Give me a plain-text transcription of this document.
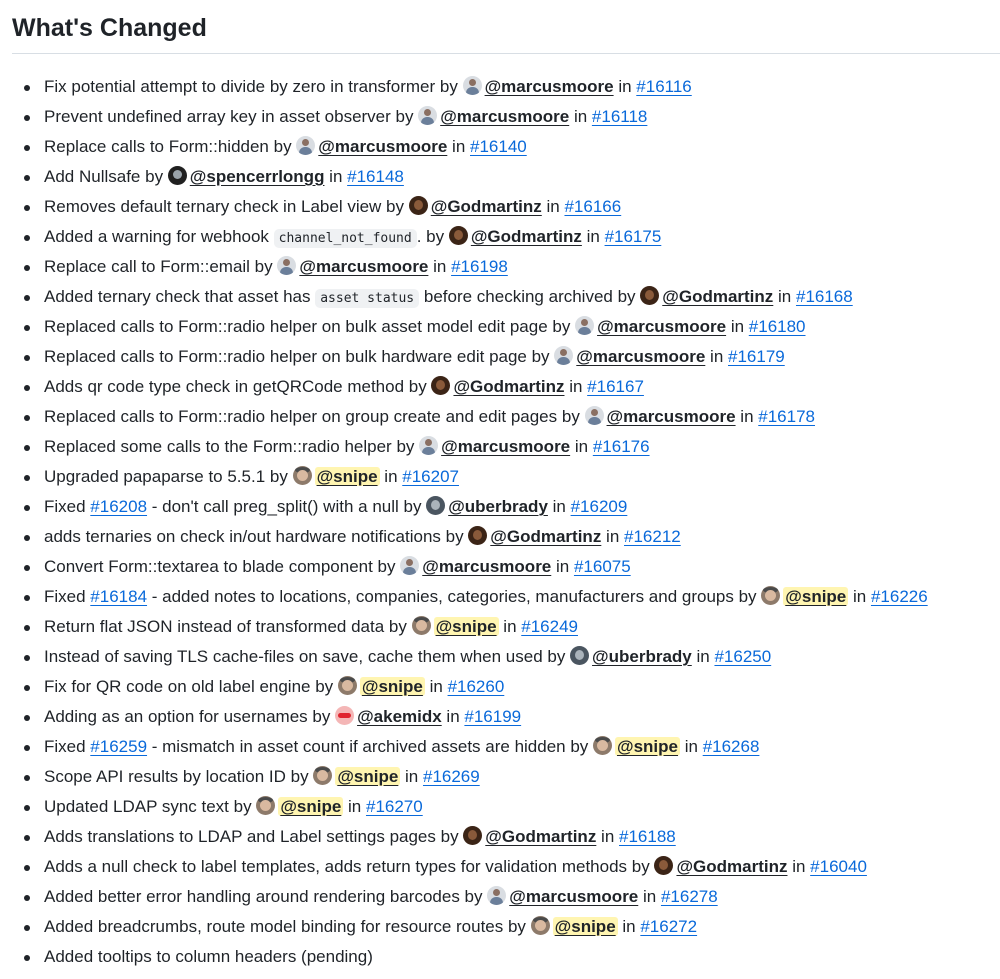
What's Changed
Fix potential attempt to divide by zero in transformer by @marcusmoore in #16116
Prevent undefined array key in asset observer by @marcusmoore in #16118
Replace calls to Form::hidden by @marcusmoore in #16140
Add Nullsafe by @spencerrlongg in #16148
Removes default ternary check in Label view by @Godmartinz in #16166
Added a warning for webhook channel_not_found . by @Godmartinz in #16175
Replace call to Form::email by @marcusmoore in #16198
Added ternary check that asset has asset status before checking archived by @Godmartinz in #16168
Replaced calls to Form::radio helper on bulk asset model edit page by @marcusmoore in #16180
Replaced calls to Form::radio helper on bulk hardware edit page by @marcusmoore in #16179
Adds qr code type check in getQRCode method by @Godmartinz in #16167
Replaced calls to Form::radio helper on group create and edit pages by @marcusmoore in #16178
Replaced some calls to the Form::radio helper by @marcusmoore in #16176
Upgraded papaparse to 5.5.1 by @snipe in #16207
Fixed #16208 - don't call preg_split() with a null by @uberbrady in #16209
adds ternaries on check in/out hardware notifications by @Godmartinz in #16212
Convert Form::textarea to blade component by @marcusmoore in #16075
Fixed #16184 - added notes to locations, companies, categories, manufacturers and groups by @snipe in #16226
Return flat JSON instead of transformed data by @snipe in #16249
Instead of saving TLS cache-files on save, cache them when used by @uberbrady in #16250
Fix for QR code on old label engine by @snipe in #16260
Adding as an option for usernames by @akemidx in #16199
Fixed #16259 - mismatch in asset count if archived assets are hidden by @snipe in #16268
Scope API results by location ID by @snipe in #16269
Updated LDAP sync text by @snipe in #16270
Adds translations to LDAP and Label settings pages by @Godmartinz in #16188
Adds a null check to label templates, adds return types for validation methods by @Godmartinz in #16040
Added better error handling around rendering barcodes by @marcusmoore in #16278
Added breadcrumbs, route model binding for resource routes by @snipe in #16272
Added tooltips to column headers (pending)
